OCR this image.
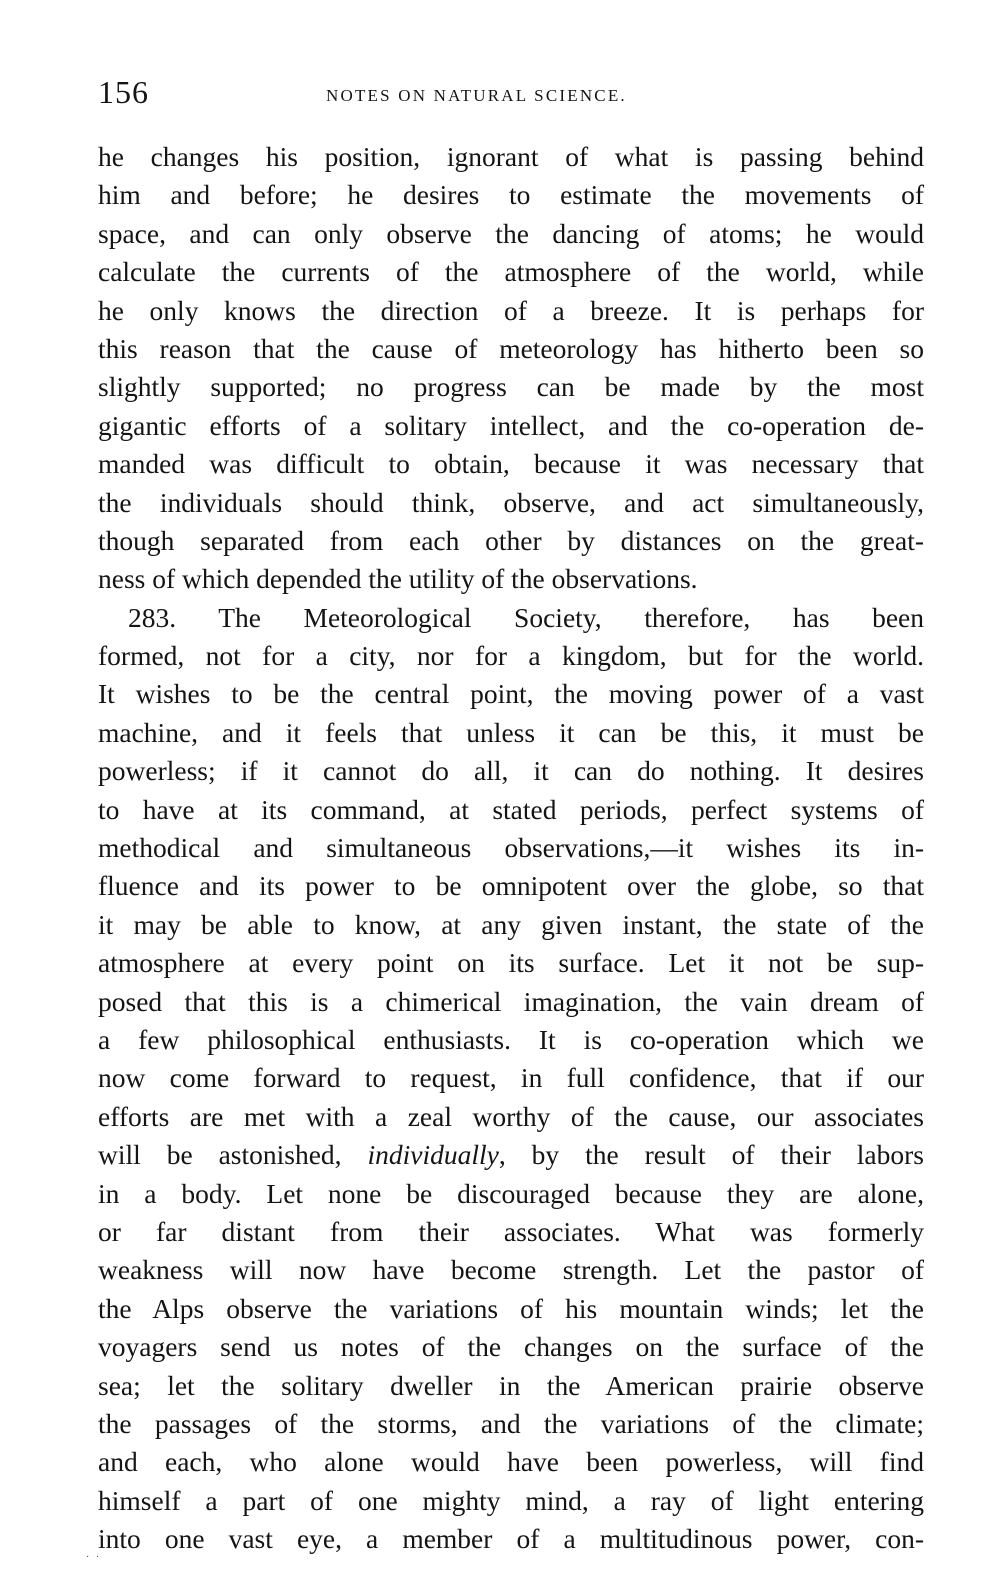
156	NOTES ON NATURAL SCIENCE.
he changes his position, ignorant of what is passing behind
him and before; he desires to estimate the movements of
space, and can only observe the dancing of atoms; he would
calculate the currents of the atmosphere of the world, while
he only knows the direction of a breeze. It is perhaps for
this reason that the cause of meteorology has hitherto been so
slightly supported; no progress can be made by the most
gigantic efforts of a solitary intellect, and the co-operation de-
manded was difficult to obtain, because it was necessary that
the individuals should think, observe, and act simultaneously,
though separated from each other by distances on the great-
ness of which depended the utility of the observations.
283. The Meteorological Society, therefore, has been
formed, not for a city, nor for a kingdom, but for the world.
It wishes to be the central point, the moving power of a vast
machine, and it feels that unless it can be this, it must be
powerless; if it cannot do all, it can do nothing. It desires
to have at its command, at stated periods, perfect systems of
methodical and simultaneous observations,—it wishes its in-
fluence and its power to be omnipotent over the globe, so that
it may be able to know, at any given instant, the state of the
atmosphere at every point on its surface. Let it not be sup-
posed that this is a chimerical imagination, the vain dream of
a few philosophical enthusiasts. It is co-operation which we
now come forward to request, in full confidence, that if our
efforts are met with a zeal worthy of the cause, our associates
will be astonished, individually, by the result of their labors
in a body. Let none be discouraged because they are alone,
or far distant from their associates. What was formerly
weakness will now have become strength. Let the pastor of
the Alps observe the variations of his mountain winds; let the
voyagers send us notes of the changes on the surface of the
sea; let the solitary dweller in the American prairie observe
the passages of the storms, and the variations of the climate;
and each, who alone would have been powerless, will find
himself a part of one mighty mind, a ray of light entering
into one vast eye, a member of a multitudinous power, con-
· ·
